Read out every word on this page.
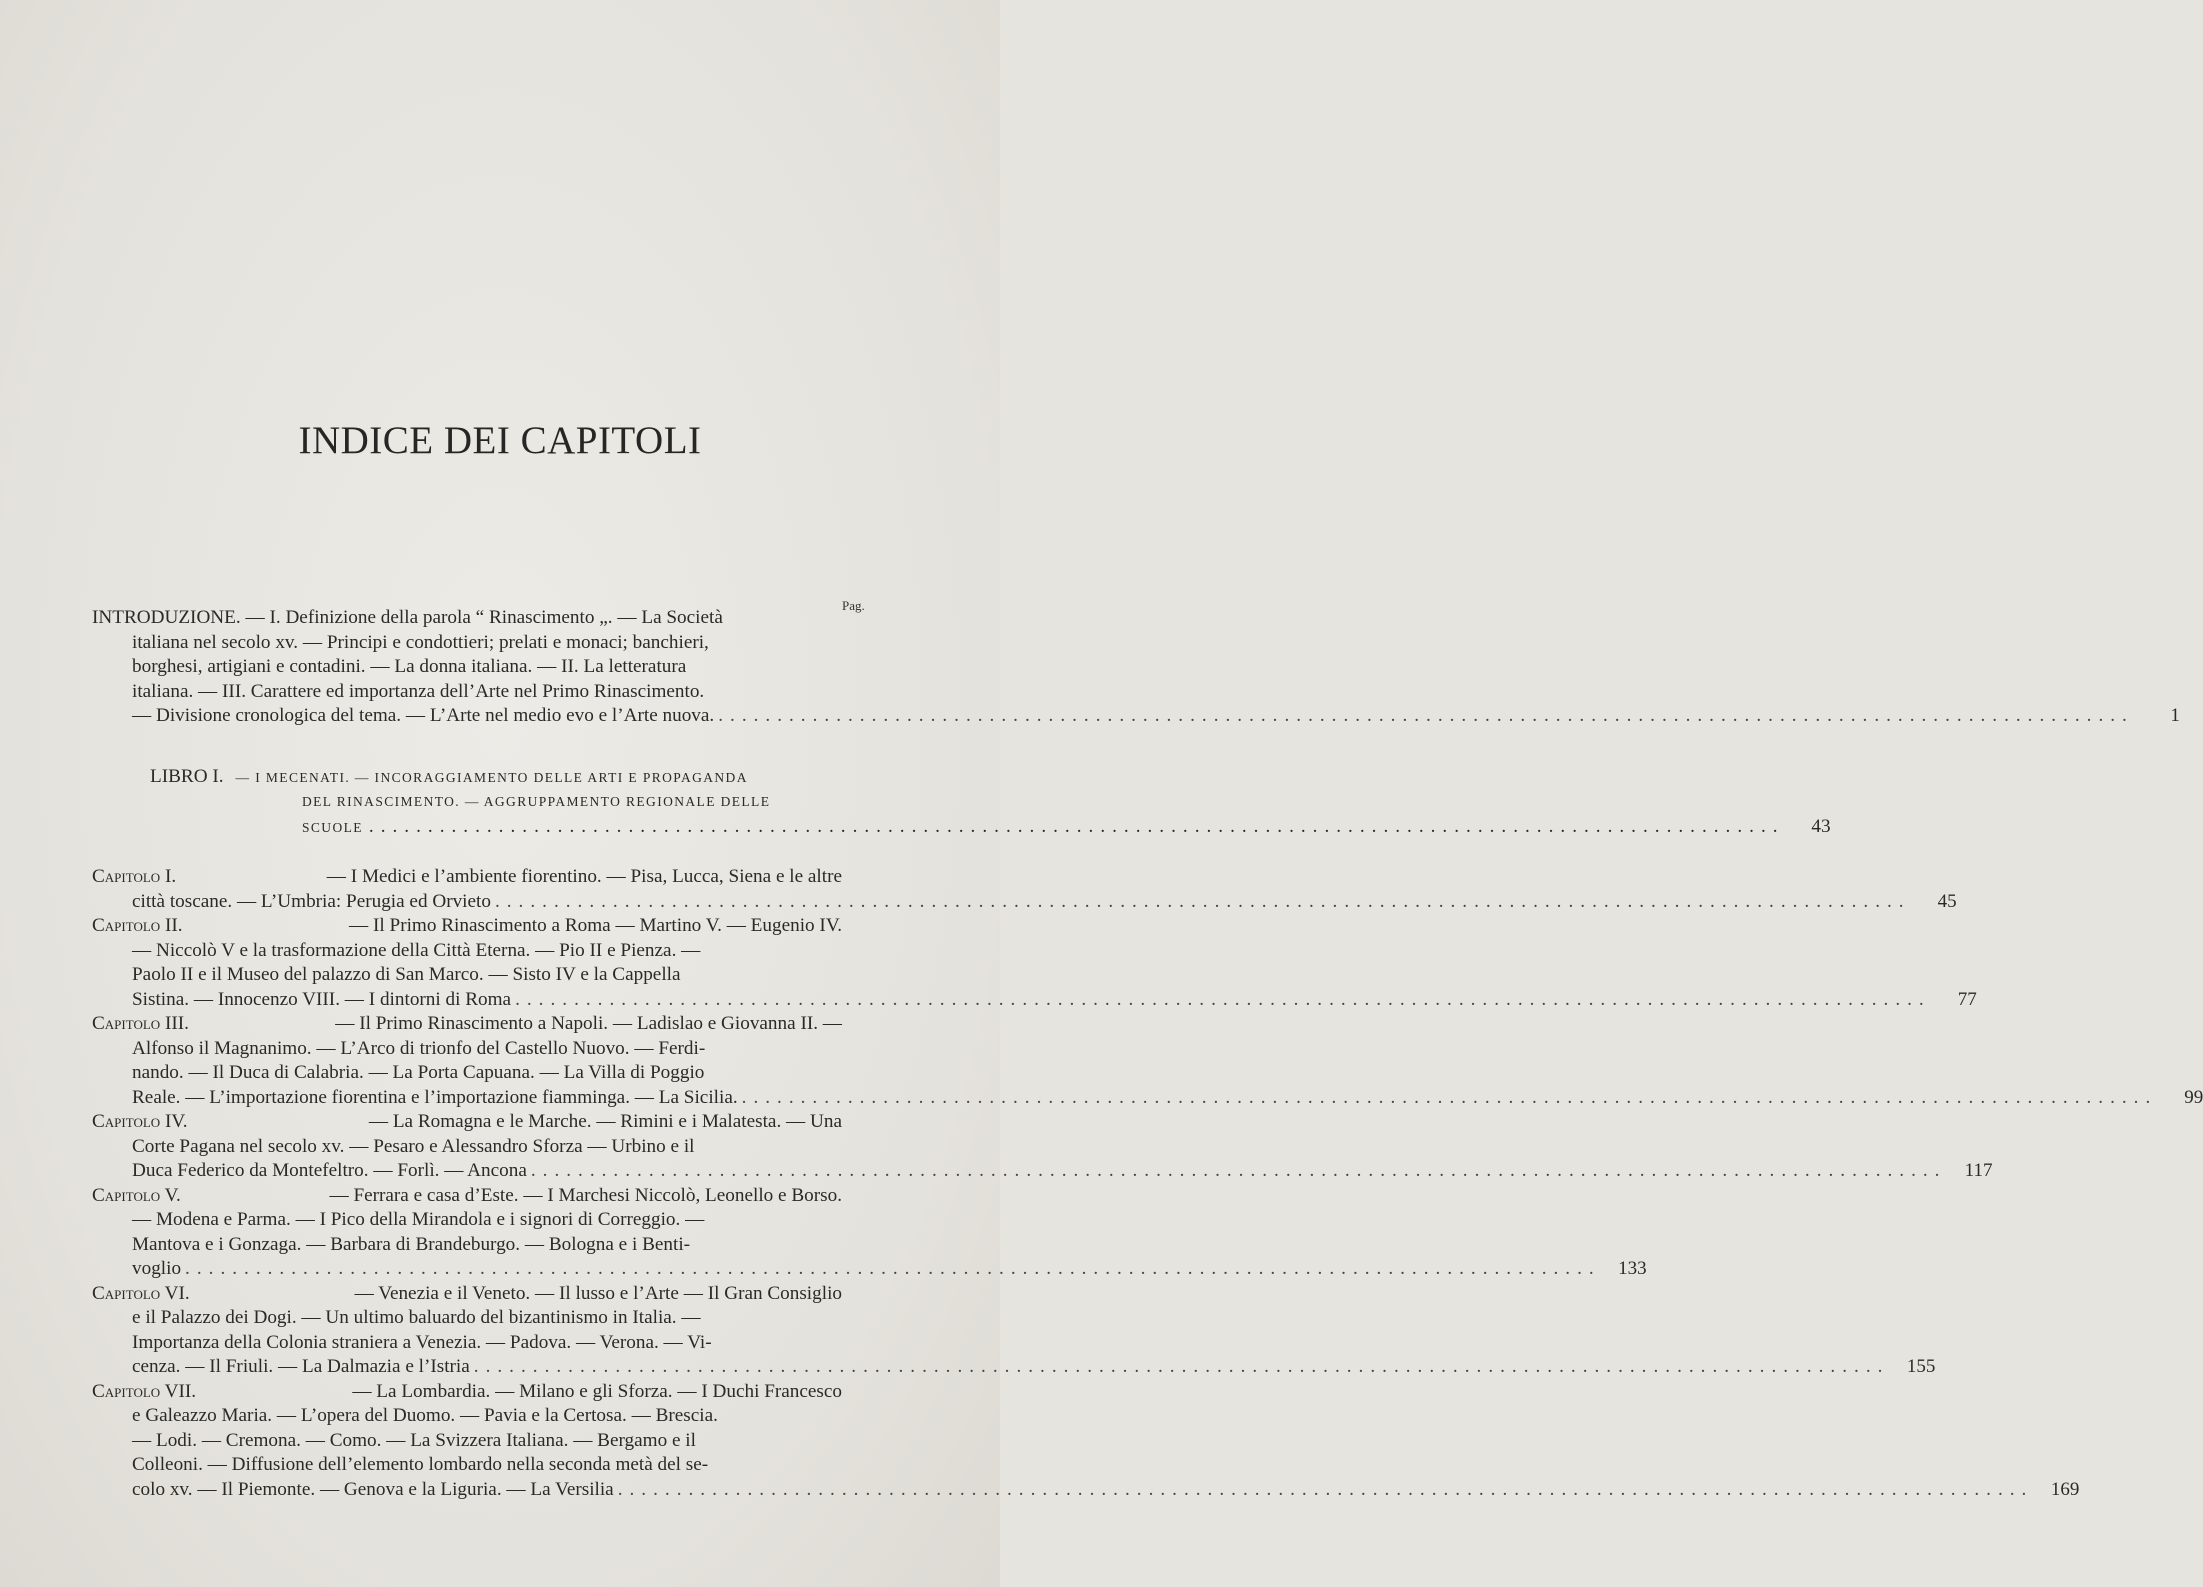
INDICE DEI CAPITOLI
Pag.
INTRODUZIONE. — I. Definizione della parola “ Rinascimento „. — La Società
italiana nel secolo xv. — Principi e condottieri; prelati e monaci; banchieri,
borghesi, artigiani e contadini. — La donna italiana. — II. La letteratura
italiana. — III. Carattere ed importanza dell’Arte nel Primo Rinascimento.
— Divisione cronologica del tema. — L’Arte nel medio evo e l’Arte nuova. ........................................................................................................................	1
LIBRO I. — I MECENATI. — INCORAGGIAMENTO DELLE ARTI E PROPAGANDA
DEL RINASCIMENTO. — AGGRUPPAMENTO REGIONALE DELLE
SCUOLE ........................................................................................................................	43
Capitolo I.	— I Medici e l’ambiente fiorentino. — Pisa, Lucca, Siena e le altre
città toscane. — L’Umbria: Perugia ed Orvieto ........................................................................................................................	45
Capitolo II.	— Il Primo Rinascimento a Roma — Martino V. — Eugenio IV.
— Niccolò V e la trasformazione della Città Eterna. — Pio II e Pienza. —
Paolo II e il Museo del palazzo di San Marco. — Sisto IV e la Cappella
Sistina. — Innocenzo VIII. — I dintorni di Roma ........................................................................................................................	77
Capitolo III.	— Il Primo Rinascimento a Napoli. — Ladislao e Giovanna II. —
Alfonso il Magnanimo. — L’Arco di trionfo del Castello Nuovo. — Ferdi-
nando. — Il Duca di Calabria. — La Porta Capuana. — La Villa di Poggio
Reale. — L’importazione fiorentina e l’importazione fiamminga. — La Sicilia. ........................................................................................................................	99
Capitolo IV.	— La Romagna e le Marche. — Rimini e i Malatesta. — Una
Corte Pagana nel secolo xv. — Pesaro e Alessandro Sforza — Urbino e il
Duca Federico da Montefeltro. — Forlì. — Ancona ........................................................................................................................ 117
Capitolo V.	— Ferrara e casa d’Este. — I Marchesi Niccolò, Leonello e Borso.
— Modena e Parma. — I Pico della Mirandola e i signori di Correggio. —
Mantova e i Gonzaga. — Barbara di Brandeburgo. — Bologna e i Benti-
voglio ........................................................................................................................ 133
Capitolo VI.	— Venezia e il Veneto. — Il lusso e l’Arte — Il Gran Consiglio
e il Palazzo dei Dogi. — Un ultimo baluardo del bizantinismo in Italia. —
Importanza della Colonia straniera a Venezia. — Padova. — Verona. — Vi-
cenza. — Il Friuli. — La Dalmazia e l’Istria ........................................................................................................................ 155
Capitolo VII.	— La Lombardia. — Milano e gli Sforza. — I Duchi Francesco
e Galeazzo Maria. — L’opera del Duomo. — Pavia e la Certosa. — Brescia.
— Lodi. — Cremona. — Como. — La Svizzera Italiana. — Bergamo e il
Colleoni. — Diffusione dell’elemento lombardo nella seconda metà del se-
colo xv. — Il Piemonte. — Genova e la Liguria. — La Versilia ........................................................................................................................ 169
